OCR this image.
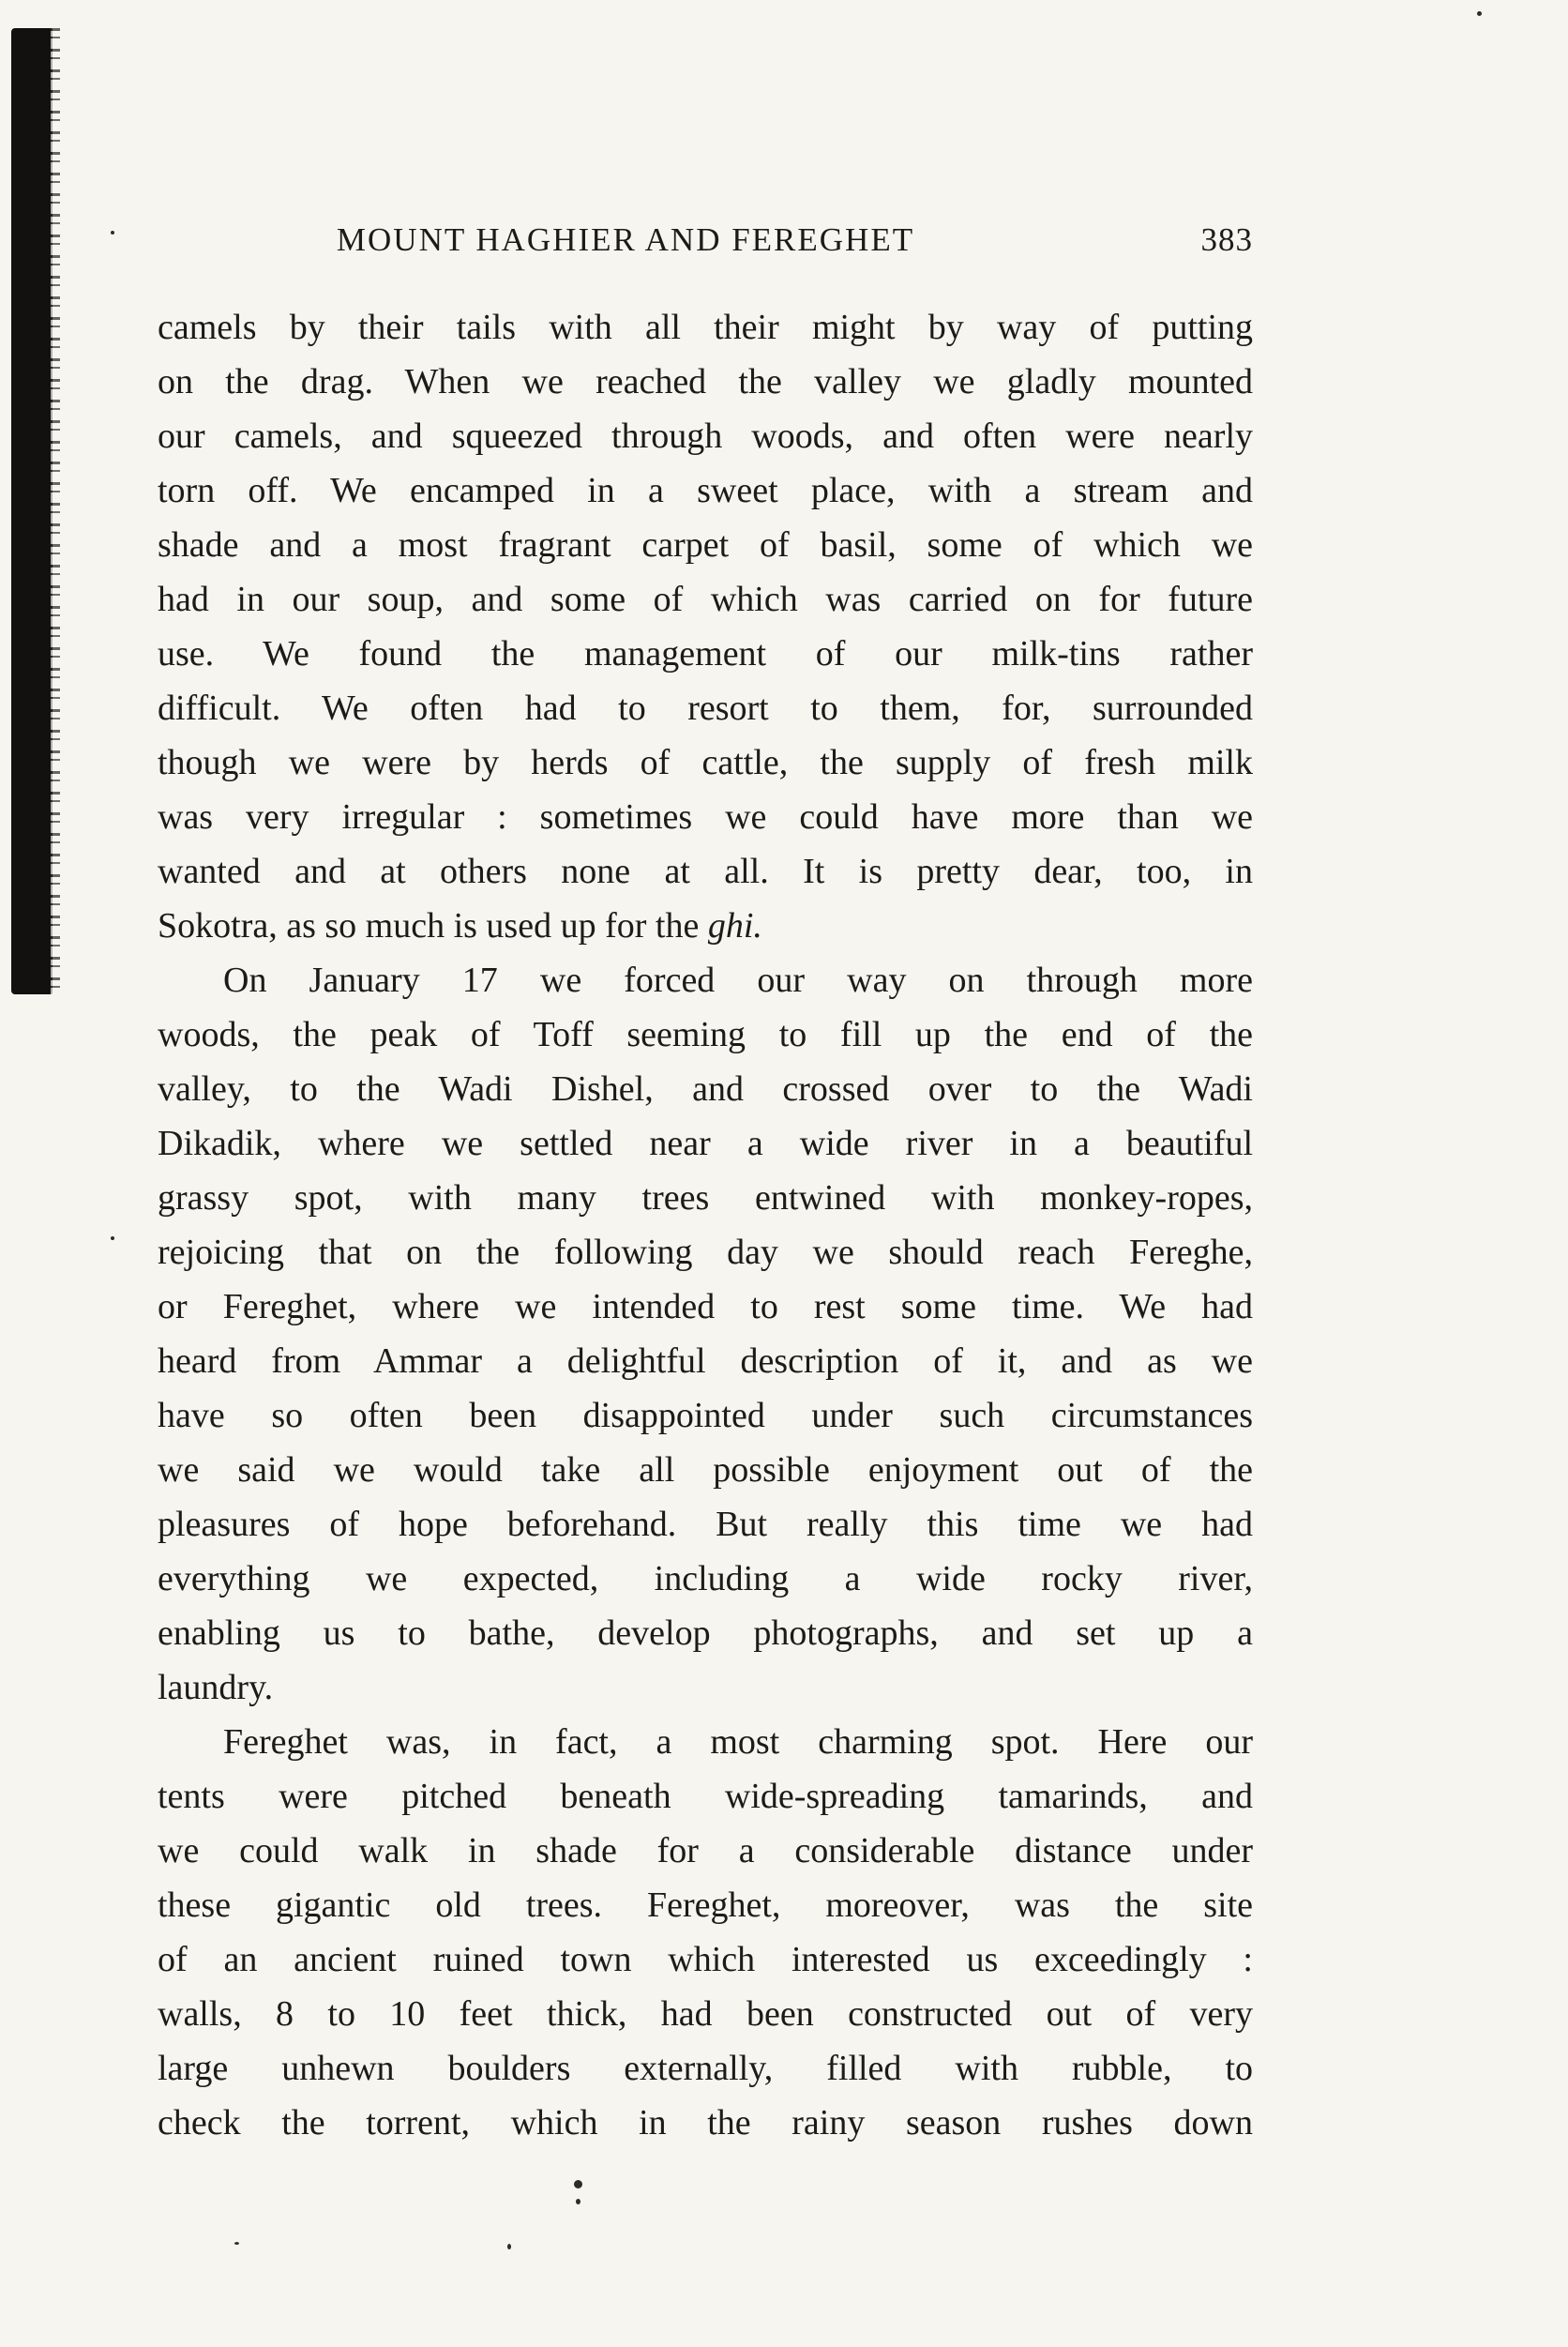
MOUNT HAGHIER AND FEREGHET	383

camels by their tails with all their might by way of putting

on the drag. When we reached the valley we gladly mounted

our camels, and squeezed through woods, and often were nearly

torn off. We encamped in a sweet place, with a stream and

shade and a most fragrant carpet of basil, some of which we

had in our soup, and some of which was carried on for future

use. We found the management of our milk-tins rather

difficult. We often had to resort to them, for, surrounded

though we were by herds of cattle, the supply of fresh milk

was very irregular : sometimes we could have more than we

wanted and at others none at all. It is pretty dear, too, in

Sokotra, as so much is used up for the ghi.

On January 17 we forced our way on through more

woods, the peak of Toff seeming to fill up the end of the

valley, to the Wadi Dishel, and crossed over to the Wadi

Dikadik, where we settled near a wide river in a beautiful

grassy spot, with many trees entwined with monkey-ropes,

rejoicing that on the following day we should reach Fereghe,

or Fereghet, where we intended to rest some time. We had

heard from Ammar a delightful description of it, and as we

have so often been disappointed under such circumstances

we said we would take all possible enjoyment out of the

pleasures of hope beforehand. But really this time we had

everything we expected, including a wide rocky river,

enabling us to bathe, develop photographs, and set up a

laundry.

Fereghet was, in fact, a most charming spot. Here our

tents were pitched beneath wide-spreading tamarinds, and

we could walk in shade for a considerable distance under

these gigantic old trees. Fereghet, moreover, was the site

of an ancient ruined town which interested us exceedingly :

walls, 8 to 10 feet thick, had been constructed out of very

large unhewn boulders externally, filled with rubble, to

check the torrent, which in the rainy season rushes down
